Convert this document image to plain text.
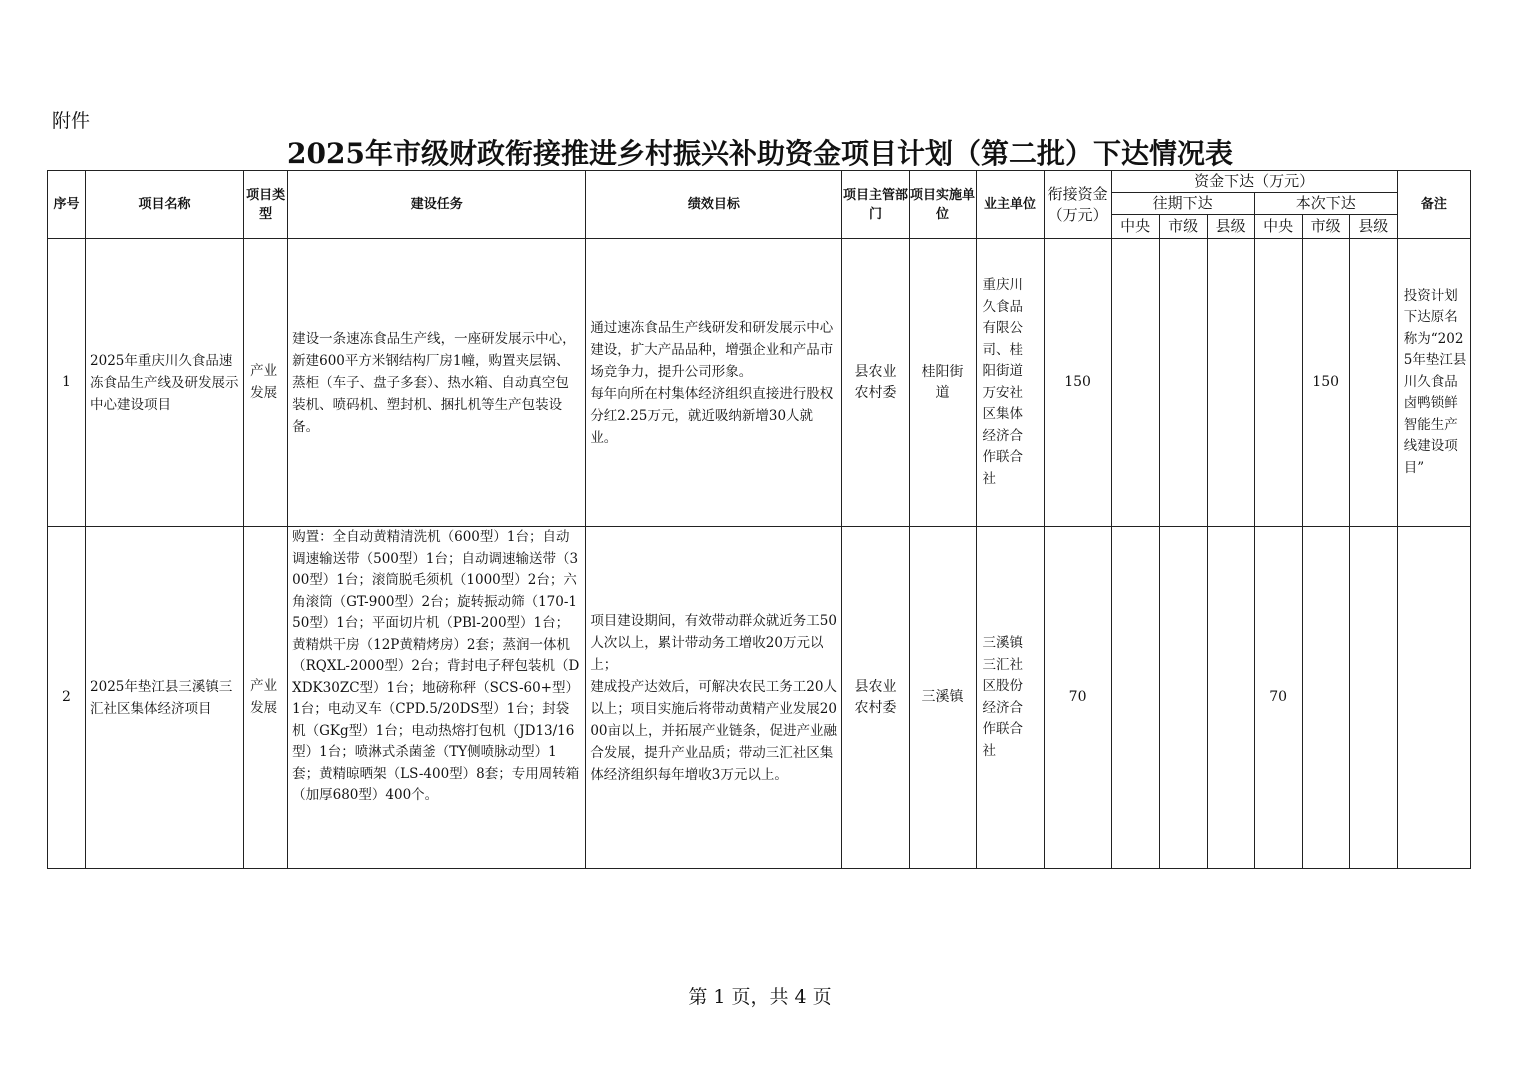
附件
2025年市级财政衔接推进乡村振兴补助资金项目计划（第二批）下达情况表
序号	项目名称	项目类型	建设任务	绩效目标	项目主管部门	项目实施单位	业主单位	衔接资金（万元）	资金下达（万元）						备注
									往期下达			本次下达			
									中央	市级	县级	中央	市级	县级	
1	2025年重庆川久食品速冻食品生产线及研发展示中心建设项目	产业发展	建设一条速冻食品生产线，一座研发展示中心，新建600平方米钢结构厂房1幢，购置夹层锅、蒸柜（车子、盘子多套）、热水箱、自动真空包装机、喷码机、塑封机、捆扎机等生产包装设备。	通过速冻食品生产线研发和研发展示中心建设，扩大产品品种，增强企业和产品市场竞争力，提升公司形象。
每年向所在村集体经济组织直接进行股权分红2.25万元，就近吸纳新增30人就业。	县农业农村委	桂阳街道	重庆川久食品有限公司、桂阳街道万安社区集体经济合作联合社	150					150		投资计划下达原名称为“2025年垫江县川久食品卤鸭锁鲜智能生产线建设项目”
2	2025年垫江县三溪镇三汇社区集体经济项目	产业发展	购置：全自动黄精清洗机（600型）1台；自动调速输送带（500型）1台；自动调速输送带（300型）1台；滚筒脱毛须机（1000型）2台；六角滚筒（GT-900型）2台；旋转振动筛（170-150型）1台；平面切片机（PBl-200型）1台；黄精烘干房（12P黄精烤房）2套；蒸润一体机（RQXL-2000型）2台；背封电子秤包装机（DXDK30ZC型）1台；地磅称秤（SCS-60+型）1台；电动叉车（CPD.5/20DS型）1台；封袋机（GKg型）1台；电动热熔打包机（JD13/16型）1台；喷淋式杀菌釜（TY侧喷脉动型）1套；黄精晾晒架（LS-400型）8套；专用周转箱（加厚680型）400个。	项目建设期间，有效带动群众就近务工50人次以上，累计带动务工增收20万元以上；
建成投产达效后，可解决农民工务工20人以上；项目实施后将带动黄精产业发展2000亩以上，并拓展产业链条，促进产业融合发展，提升产业品质；带动三汇社区集体经济组织每年增收3万元以上。	县农业农村委	三溪镇	三溪镇三汇社区股份经济合作联合社	70				70			
第 1 页，共 4 页
